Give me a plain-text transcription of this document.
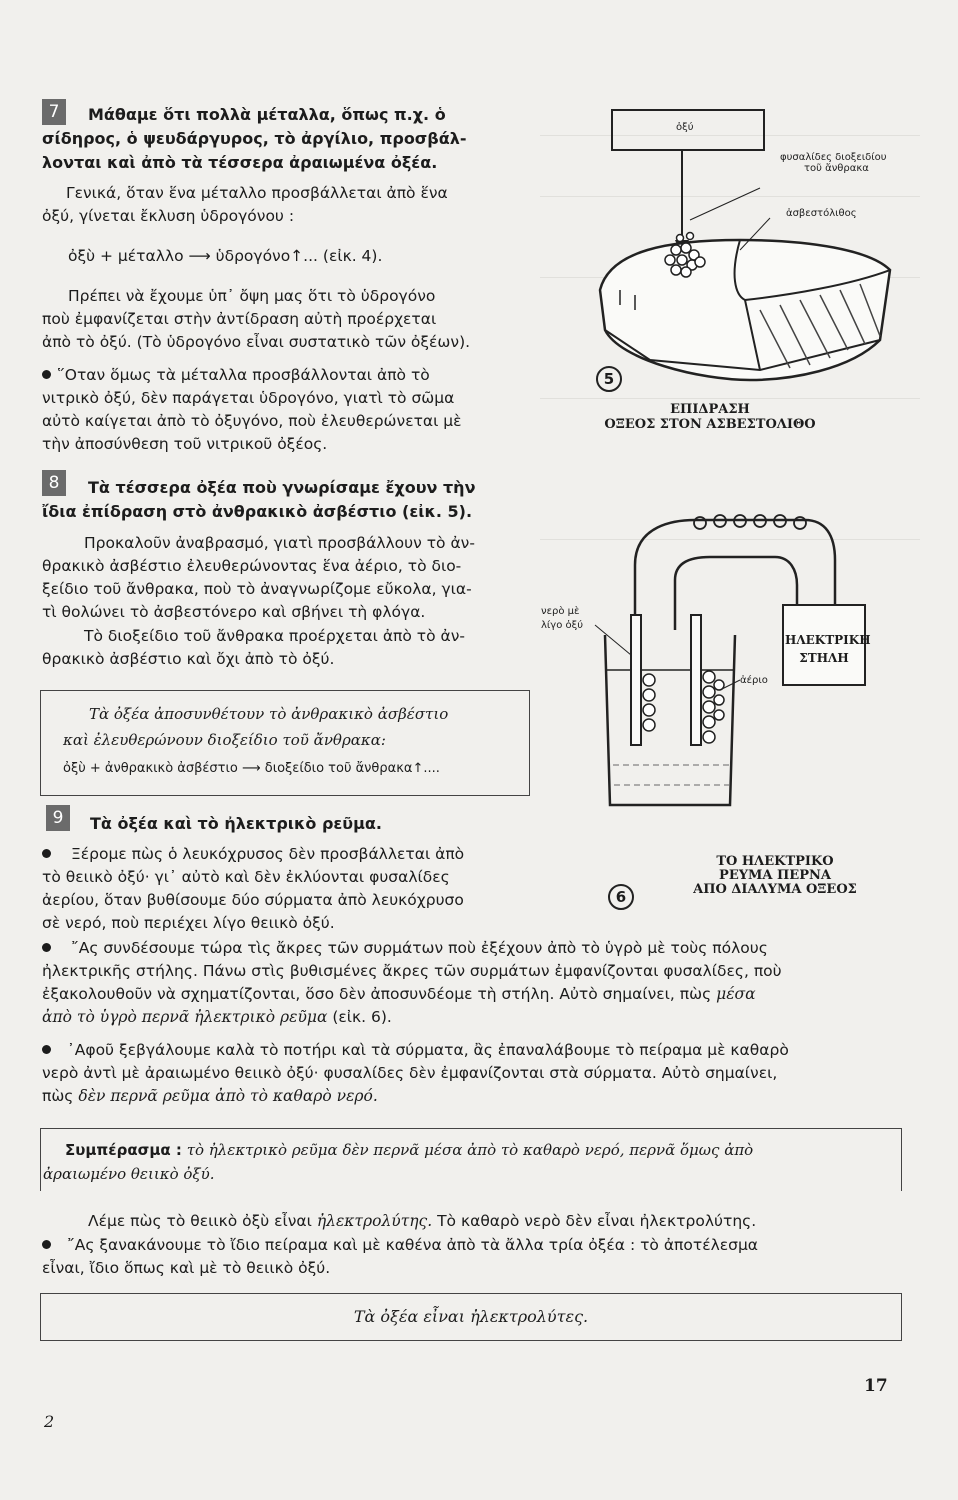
7	Μάθαμε ὅτι πολλὰ μέταλλα, ὅπως π.χ. ὁ
σίδηρος, ὁ ψευδάργυρος, τὸ ἀργίλιο, προσβάλ-
λονται καὶ ἀπὸ τὰ τέσσερα ἀραιωμένα ὀξέα.
Γενικά, ὅταν ἕνα μέταλλο προσβάλλεται ἀπὸ ἕνα
ὀξύ, γίνεται ἔκλυση ὑδρογόνου :
ὀξὺ + μέταλλο ⟶ ὑδρογόνο↑... (εἰκ. 4).
Πρέπει νὰ ἔχουμε ὑπ᾽ ὄψη μας ὅτι τὸ ὑδρογόνο
ποὺ ἐμφανίζεται στὴν ἀντίδραση αὐτὴ προέρχεται
ἀπὸ τὸ ὀξύ. (Τὸ ὑδρογόνο εἶναι συστατικὸ τῶν ὀξέων).
῞Οταν ὅμως τὰ μέταλλα προσβάλλονται ἀπὸ τὸ
νιτρικὸ ὀξύ, δὲν παράγεται ὑδρογόνο, γιατὶ τὸ σῶμα
αὐτὸ καίγεται ἀπὸ τὸ ὀξυγόνο, ποὺ ἐλευθερώνεται μὲ
τὴν ἀποσύνθεση τοῦ νιτρικοῦ ὀξέος.
8	Τὰ τέσσερα ὀξέα ποὺ γνωρίσαμε ἔχουν τὴν
ἴδια ἐπίδραση στὸ ἀνθρακικὸ ἀσβέστιο (εἰκ. 5).
Προκαλοῦν ἀναβρασμό, γιατὶ προσβάλλουν τὸ ἀν-
θρακικὸ ἀσβέστιο ἐλευθερώνοντας ἕνα ἀέριο, τὸ διο-
ξείδιο τοῦ ἄνθρακα, ποὺ τὸ ἀναγνωρίζομε εὔκολα, για-
τὶ θολώνει τὸ ἀσβεστόνερο καὶ σβήνει τὴ φλόγα.
Τὸ διοξείδιο τοῦ ἄνθρακα προέρχεται ἀπὸ τὸ ἀν-
θρακικὸ ἀσβέστιο καὶ ὄχι ἀπὸ τὸ ὀξύ.
Τὰ ὀξέα ἀποσυνθέτουν τὸ ἀνθρακικὸ ἀσβέστιο
καὶ ἐλευθερώνουν διοξείδιο τοῦ ἄνθρακα:
ὀξὺ + ἀνθρακικὸ ἀσβέστιο ⟶ διοξείδιο τοῦ ἄνθρακα↑....
9	Τὰ ὀξέα καὶ τὸ ἠλεκτρικὸ ρεῦμα.
Ξέρομε πὼς ὁ λευκόχρυσος δὲν προσβάλλεται ἀπὸ
τὸ θειικὸ ὀξύ· γι᾽ αὐτὸ καὶ δὲν ἐκλύονται φυσαλίδες
ἀερίου, ὅταν βυθίσουμε δύο σύρματα ἀπὸ λευκόχρυσο
σὲ νερό, ποὺ περιέχει λίγο θειικὸ ὀξύ.
῎Ας συνδέσουμε τώρα τὶς ἄκρες τῶν συρμάτων ποὺ ἐξέχουν ἀπὸ τὸ ὑγρὸ μὲ τοὺς πόλους
ἠλεκτρικῆς στήλης. Πάνω στὶς βυθισμένες ἄκρες τῶν συρμάτων ἐμφανίζονται φυσαλίδες, ποὺ
ἐξακολουθοῦν νὰ σχηματίζονται, ὅσο δὲν ἀποσυνδέομε τὴ στήλη. Αὐτὸ σημαίνει, πὼς μέσα
ἀπὸ τὸ ὑγρὸ περνᾶ ἠλεκτρικὸ ρεῦμα (εἰκ. 6).
᾽Αφοῦ ξεβγάλουμε καλὰ τὸ ποτήρι καὶ τὰ σύρματα, ἂς ἐπαναλάβουμε τὸ πείραμα μὲ καθαρὸ
νερὸ ἀντὶ μὲ ἀραιωμένο θειικὸ ὀξύ· φυσαλίδες δὲν ἐμφανίζονται στὰ σύρματα. Αὐτὸ σημαίνει,
πὼς δὲν περνᾶ ρεῦμα ἀπὸ τὸ καθαρὸ νερό.
Συμπέρασμα : τὸ ἠλεκτρικὸ ρεῦμα δὲν περνᾶ μέσα ἀπὸ τὸ καθαρὸ νερό, περνᾶ ὅμως ἀπὸ
ἀραιωμένο θειικὸ ὀξύ.
Λέμε πὼς τὸ θειικὸ ὀξὺ εἶναι ἠλεκτρολύτης. Τὸ καθαρὸ νερὸ δὲν εἶναι ἠλεκτρολύτης.
῎Ας ξανακάνουμε τὸ ἴδιο πείραμα καὶ μὲ καθένα ἀπὸ τὰ ἄλλα τρία ὀξέα : τὸ ἀποτέλεσμα
εἶναι, ἴδιο ὅπως καὶ μὲ τὸ θειικὸ ὀξύ.
Τὰ ὀξέα εἶναι ἠλεκτρολύτες.
ὀξύ
φυσαλίδες διοξειδίου
τοῦ ἄνθρακα
ἀσβεστόλιθος
5
ΕΠΙΔΡΑΣΗ
ΟΞΕΟΣ ΣΤΟΝ ΑΣΒΕΣΤΟΛΙΘΟ
νερὸ μὲ
λίγο ὀξύ
ἀέριο
ΗΛΕΚΤΡΙΚΗ
ΣΤΗΛΗ
ΤΟ ΗΛΕΚΤΡΙΚΟ
ΡΕΥΜΑ ΠΕΡΝΑ
ΑΠΟ ΔΙΑΛΥΜΑ ΟΞΕΟΣ
6
17
2
